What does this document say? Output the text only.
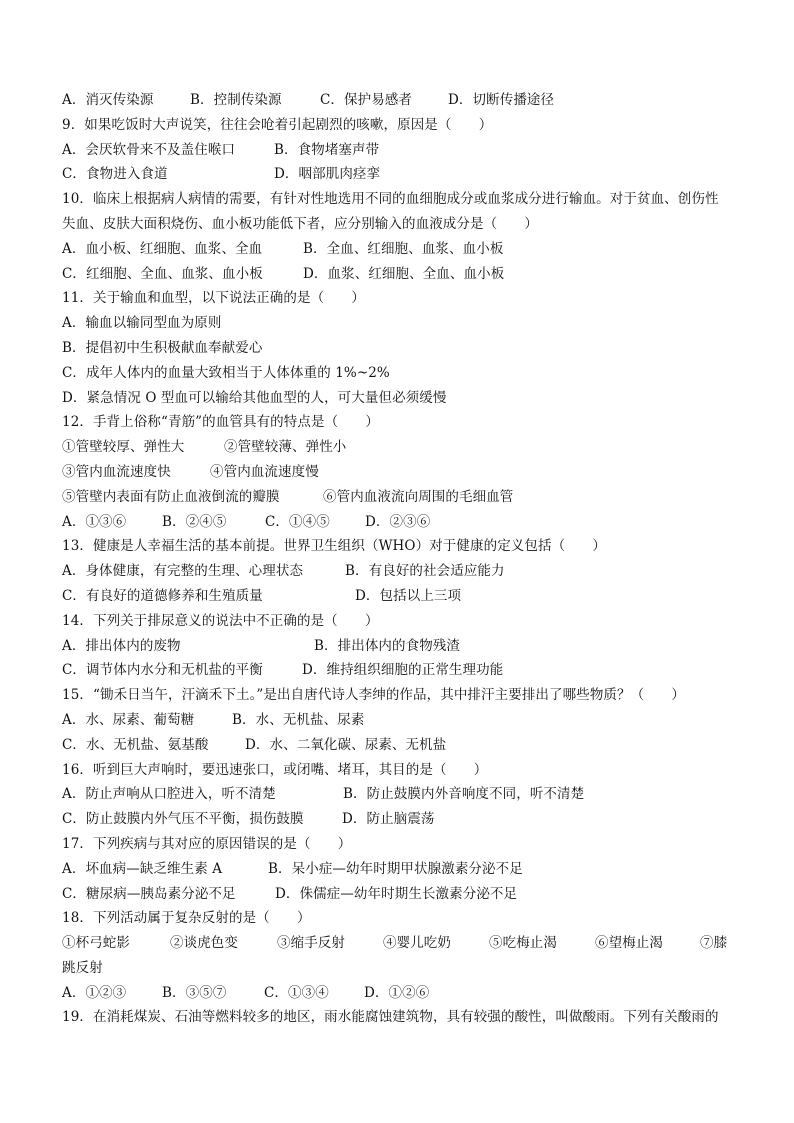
A．消灭传染源	B．控制传染源	C．保护易感者	D．切断传播途径
9．如果吃饭时大声说笑，往往会呛着引起剧烈的咳嗽，原因是（　　）
A．会厌软骨来不及盖住喉口	B．食物堵塞声带
C．食物进入食道	D．咽部肌肉痉挛
10．临床上根据病人病情的需要，有针对性地选用不同的血细胞成分或血浆成分进行输血。对于贫血、创伤性
失血、皮肤大面积烧伤、血小板功能低下者，应分别输入的血液成分是（　　）
A．血小板、红细胞、血浆、全血	B．全血、红细胞、血浆、血小板
C．红细胞、全血、血浆、血小板	D．血浆、红细胞、全血、血小板
11．关于输血和血型，以下说法正确的是（　　）
A．输血以输同型血为原则
B．提倡初中生积极献血奉献爱心
C．成年人体内的血量大致相当于人体体重的 1%~2%
D．紧急情况 O 型血可以输给其他血型的人，可大量但必须缓慢
12．手背上俗称“青筋”的血管具有的特点是（　　）
①管壁较厚、弹性大	②管壁较薄、弹性小
③管内血流速度快	④管内血流速度慢
⑤管壁内表面有防止血液倒流的瓣膜	⑥管内血液流向周围的毛细血管
A．①③⑥	B．②④⑤	C．①④⑤	D．②③⑥
13．健康是人幸福生活的基本前提。世界卫生组织（WHO）对于健康的定义包括（　　）
A．身体健康，有完整的生理、心理状态	B．有良好的社会适应能力
C．有良好的道德修养和生殖质量	D．包括以上三项
14．下列关于排尿意义的说法中不正确的是（　　）
A．排出体内的废物	B．排出体内的食物残渣
C．调节体内水分和无机盐的平衡	D．维持组织细胞的正常生理功能
15．“锄禾日当午，汗滴禾下土。”是出自唐代诗人李绅的作品，其中排汗主要排出了哪些物质？（　　）
A．水、尿素、葡萄糖	B．水、无机盐、尿素
C．水、无机盐、氨基酸	D．水、二氧化碳、尿素、无机盐
16．听到巨大声响时，要迅速张口，或闭嘴、堵耳，其目的是（　　）
A．防止声响从口腔进入，听不清楚	B．防止鼓膜内外音响度不同，听不清楚
C．防止鼓膜内外气压不平衡，损伤鼓膜	D．防止脑震荡
17．下列疾病与其对应的原因错误的是（　　）
A．坏血病—缺乏维生素 A	B．呆小症—幼年时期甲状腺激素分泌不足
C．糖尿病—胰岛素分泌不足	D．侏儒症—幼年时期生长激素分泌不足
18．下列活动属于复杂反射的是（　　）
①杯弓蛇影	②谈虎色变	③缩手反射	④婴儿吃奶	⑤吃梅止渴	⑥望梅止渴	⑦膝
跳反射
A．①②③	B．③⑤⑦	C．①③④	D．①②⑥
19．在消耗煤炭、石油等燃料较多的地区，雨水能腐蚀建筑物，具有较强的酸性，叫做酸雨。下列有关酸雨的
